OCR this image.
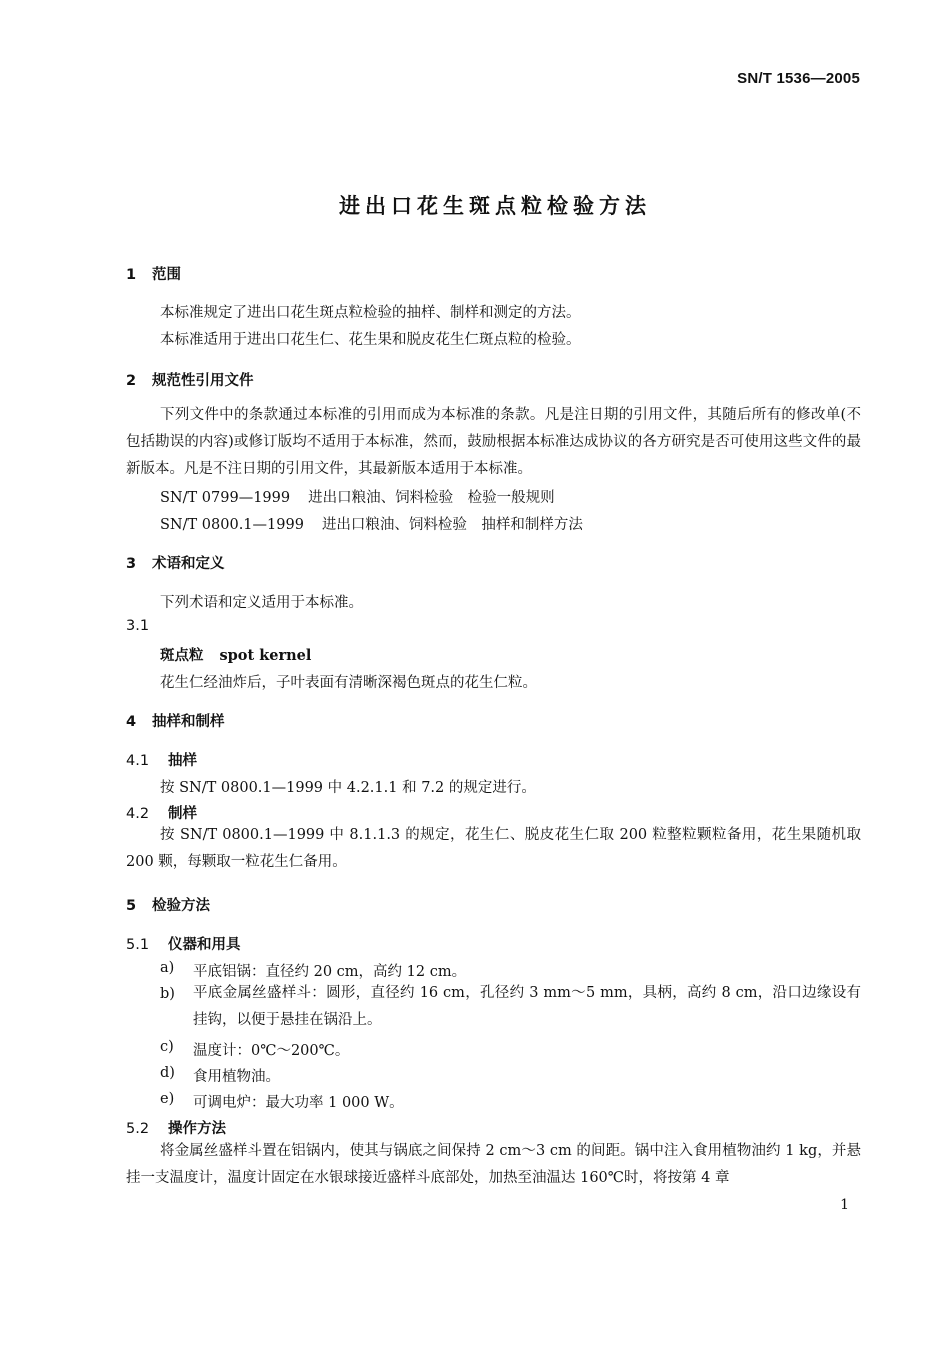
SN/T 1536—2005
进出口花生斑点粒检验方法
1 范围
本标准规定了进出口花生斑点粒检验的抽样、制样和测定的方法。
本标准适用于进出口花生仁、花生果和脱皮花生仁斑点粒的检验。
2 规范性引用文件
下列文件中的条款通过本标准的引用而成为本标准的条款。凡是注日期的引用文件，其随后所有的修改单(不包括勘误的内容)或修订版均不适用于本标准，然而，鼓励根据本标准达成协议的各方研究是否可使用这些文件的最新版本。凡是不注日期的引用文件，其最新版本适用于本标准。
SN/T 0799—1999 进出口粮油、饲料检验　检验一般规则
SN/T 0800.1—1999 进出口粮油、饲料检验　抽样和制样方法
3 术语和定义
下列术语和定义适用于本标准。
3.1
斑点粒 spot kernel
花生仁经油炸后，子叶表面有清晰深褐色斑点的花生仁粒。
4 抽样和制样
4.1 抽样
按 SN/T 0800.1—1999 中 4.2.1.1 和 7.2 的规定进行。
4.2 制样
按 SN/T 0800.1—1999 中 8.1.1.3 的规定，花生仁、脱皮花生仁取 200 粒整粒颗粒备用，花生果随机取 200 颗，每颗取一粒花生仁备用。
5 检验方法
5.1 仪器和用具
a) 平底铝锅：直径约 20 cm，高约 12 cm。
b) 平底金属丝盛样斗：圆形，直径约 16 cm，孔径约 3 mm～5 mm，具柄，高约 8 cm，沿口边缘设有挂钩，以便于悬挂在锅沿上。
c) 温度计：0℃～200℃。
d) 食用植物油。
e) 可调电炉：最大功率 1 000 W。
5.2 操作方法
将金属丝盛样斗置在铝锅内，使其与锅底之间保持 2 cm～3 cm 的间距。锅中注入食用植物油约 1 kg，并悬挂一支温度计，温度计固定在水银球接近盛样斗底部处，加热至油温达 160℃时，将按第 4 章
1
